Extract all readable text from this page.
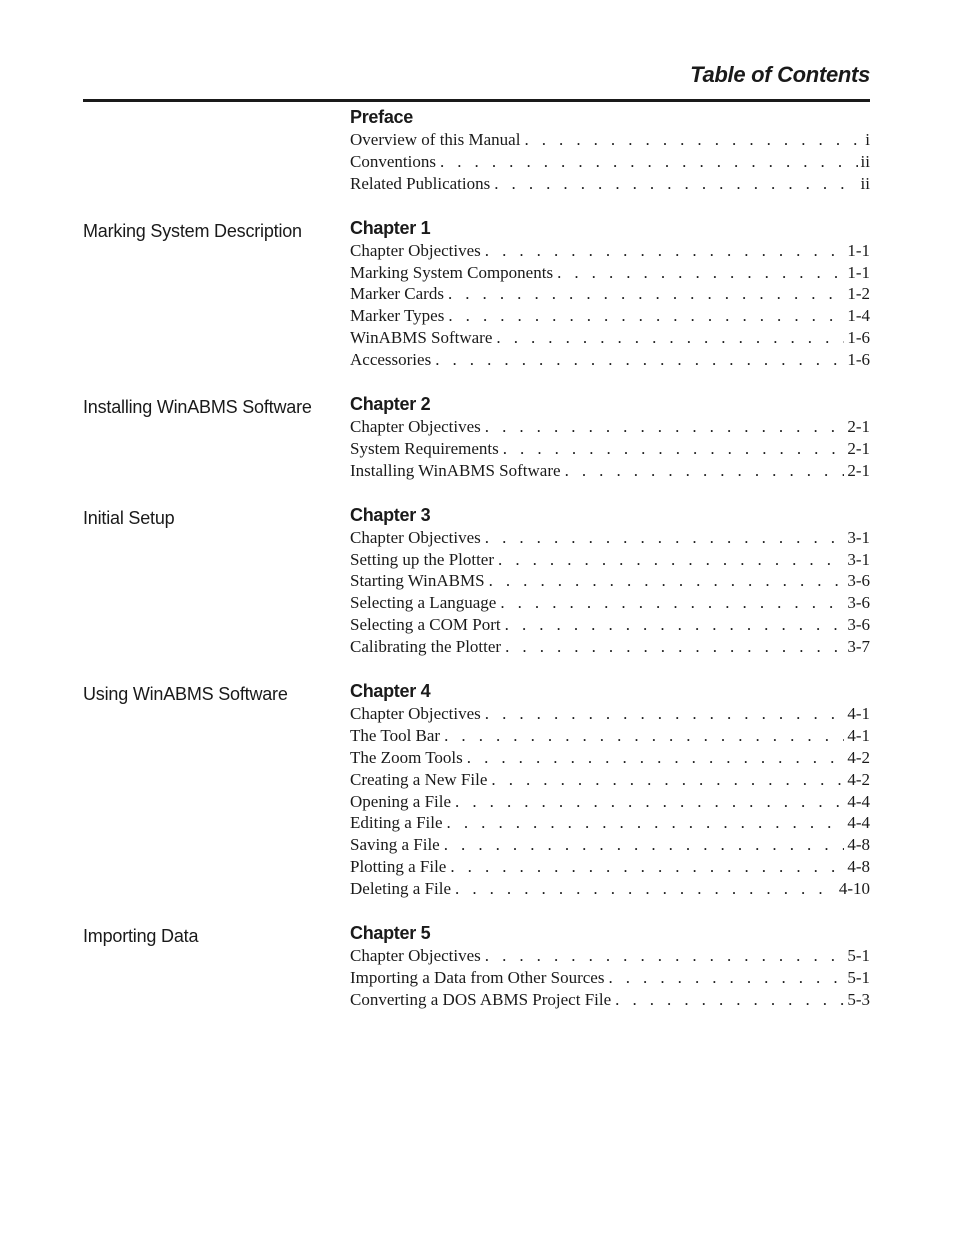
Table of Contents
Preface
Overview of this Manual . . .	i
Conventions . . .	ii
Related Publications . . .	ii
Marking System Description	Chapter 1
Chapter Objectives . . .	1-1
Marking System Components . . .	1-1
Marker Cards . . .	1-2
Marker Types . . .	1-4
WinABMS Software . . .	1-6
Accessories . . .	1-6
Installing WinABMS Software Chapter 2
Chapter Objectives . . .	2-1
System Requirements . . .	2-1
Installing WinABMS Software . . .	2-1
Initial Setup	Chapter 3
Chapter Objectives . . .	3-1
Setting up the Plotter . . .	3-1
Starting WinABMS . . .	3-6
Selecting a Language . . .	3-6
Selecting a COM Port . . .	3-6
Calibrating the Plotter . . .	3-7
Using WinABMS Software	Chapter 4
Chapter Objectives . . .	4-1
The Tool Bar . . .	4-1
The Zoom Tools . . .	4-2
Creating a New File . . .	4-2
Opening a File . . .	4-4
Editing a File . . .	4-4
Saving a File . . .	4-8
Plotting a File . . .	4-8
Deleting a File . . .	4-10
Importing Data	Chapter 5
Chapter Objectives . . .	5-1
Importing a Data from Other Sources . . .	5-1
Converting a DOS ABMS Project File . . .	5-3
